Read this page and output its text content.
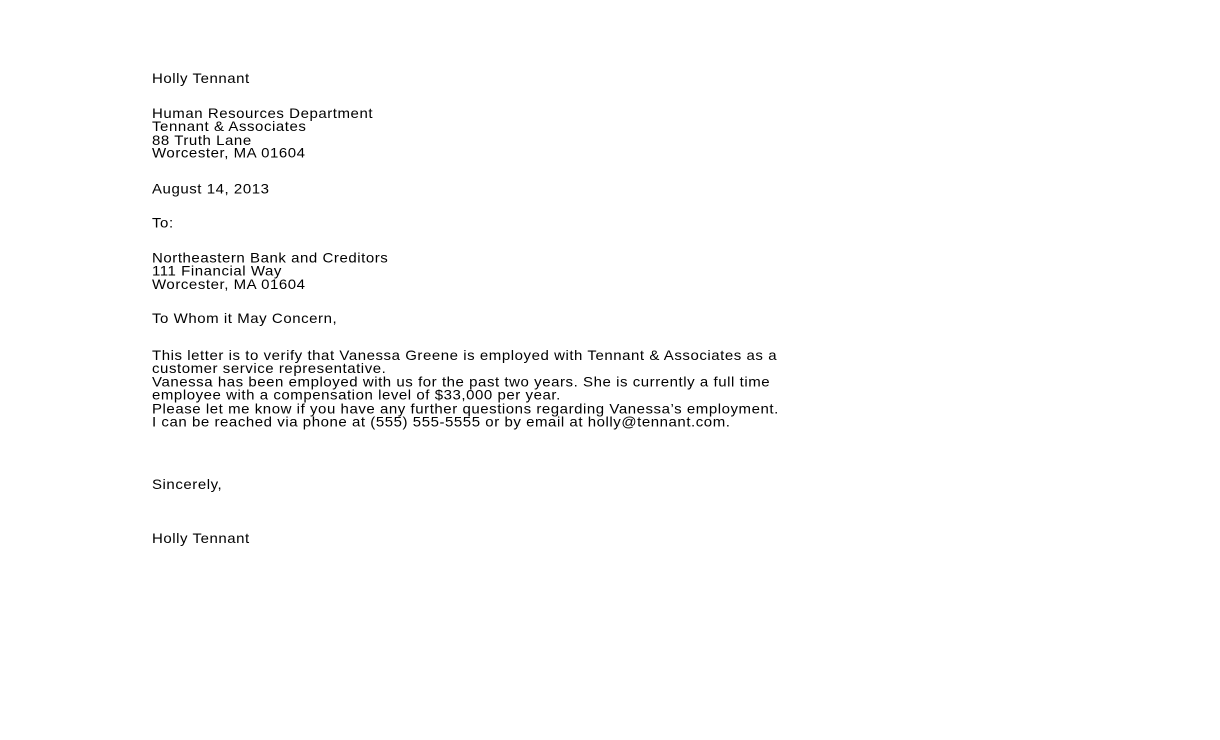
Holly Tennant
Human Resources Department
Tennant & Associates
88 Truth Lane
Worcester, MA 01604
August 14, 2013
To:
Northeastern Bank and Creditors
111 Financial Way
Worcester, MA 01604
To Whom it May Concern,
This letter is to verify that Vanessa Greene is employed with Tennant & Associates as a
customer service representative.
Vanessa has been employed with us for the past two years. She is currently a full time
employee with a compensation level of $33,000 per year.
Please let me know if you have any further questions regarding Vanessa’s employment.
I can be reached via phone at (555) 555-5555 or by email at holly@tennant.com.
Sincerely,
Holly Tennant
